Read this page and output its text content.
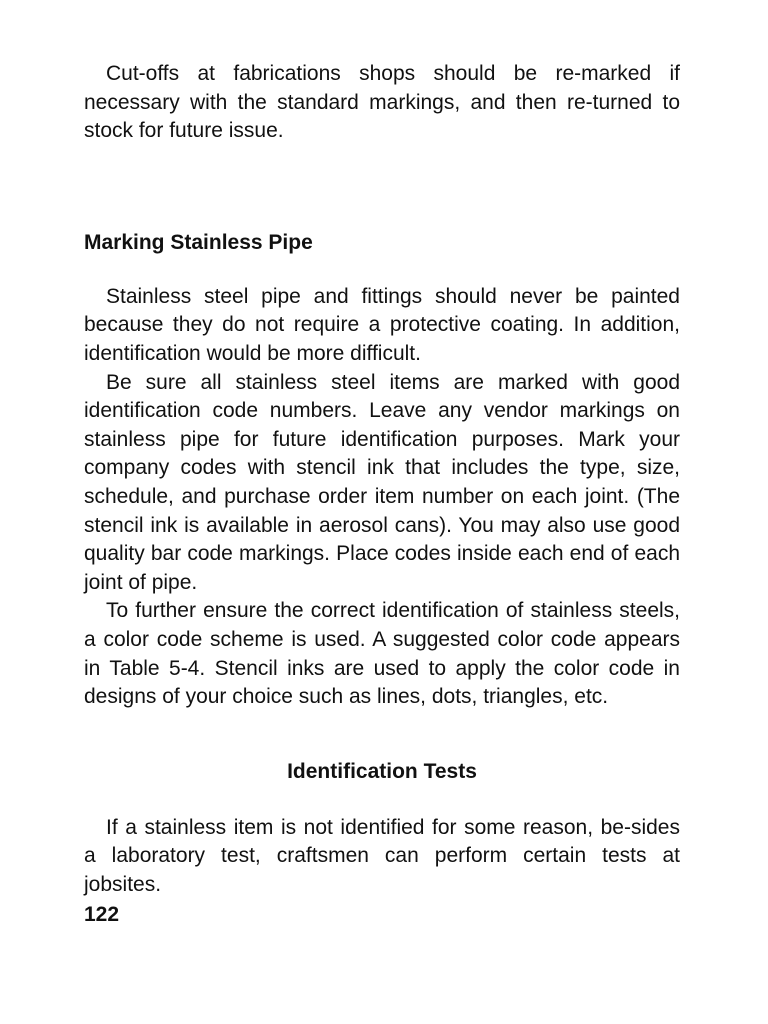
Cut-offs at fabrications shops should be re-marked if necessary with the standard markings, and then re-turned to stock for future issue.

Marking Stainless Pipe

Stainless steel pipe and fittings should never be painted because they do not require a protective coating. In addition, identification would be more difficult.

Be sure all stainless steel items are marked with good identification code numbers. Leave any vendor markings on stainless pipe for future identification purposes. Mark your company codes with stencil ink that includes the type, size, schedule, and purchase order item number on each joint. (The stencil ink is available in aerosol cans). You may also use good quality bar code markings. Place codes inside each end of each joint of pipe.

To further ensure the correct identification of stainless steels, a color code scheme is used. A suggested color code appears in Table 5-4. Stencil inks are used to apply the color code in designs of your choice such as lines, dots, triangles, etc.

Identification Tests

If a stainless item is not identified for some reason, be-sides a laboratory test, craftsmen can perform certain tests at jobsites.

122
